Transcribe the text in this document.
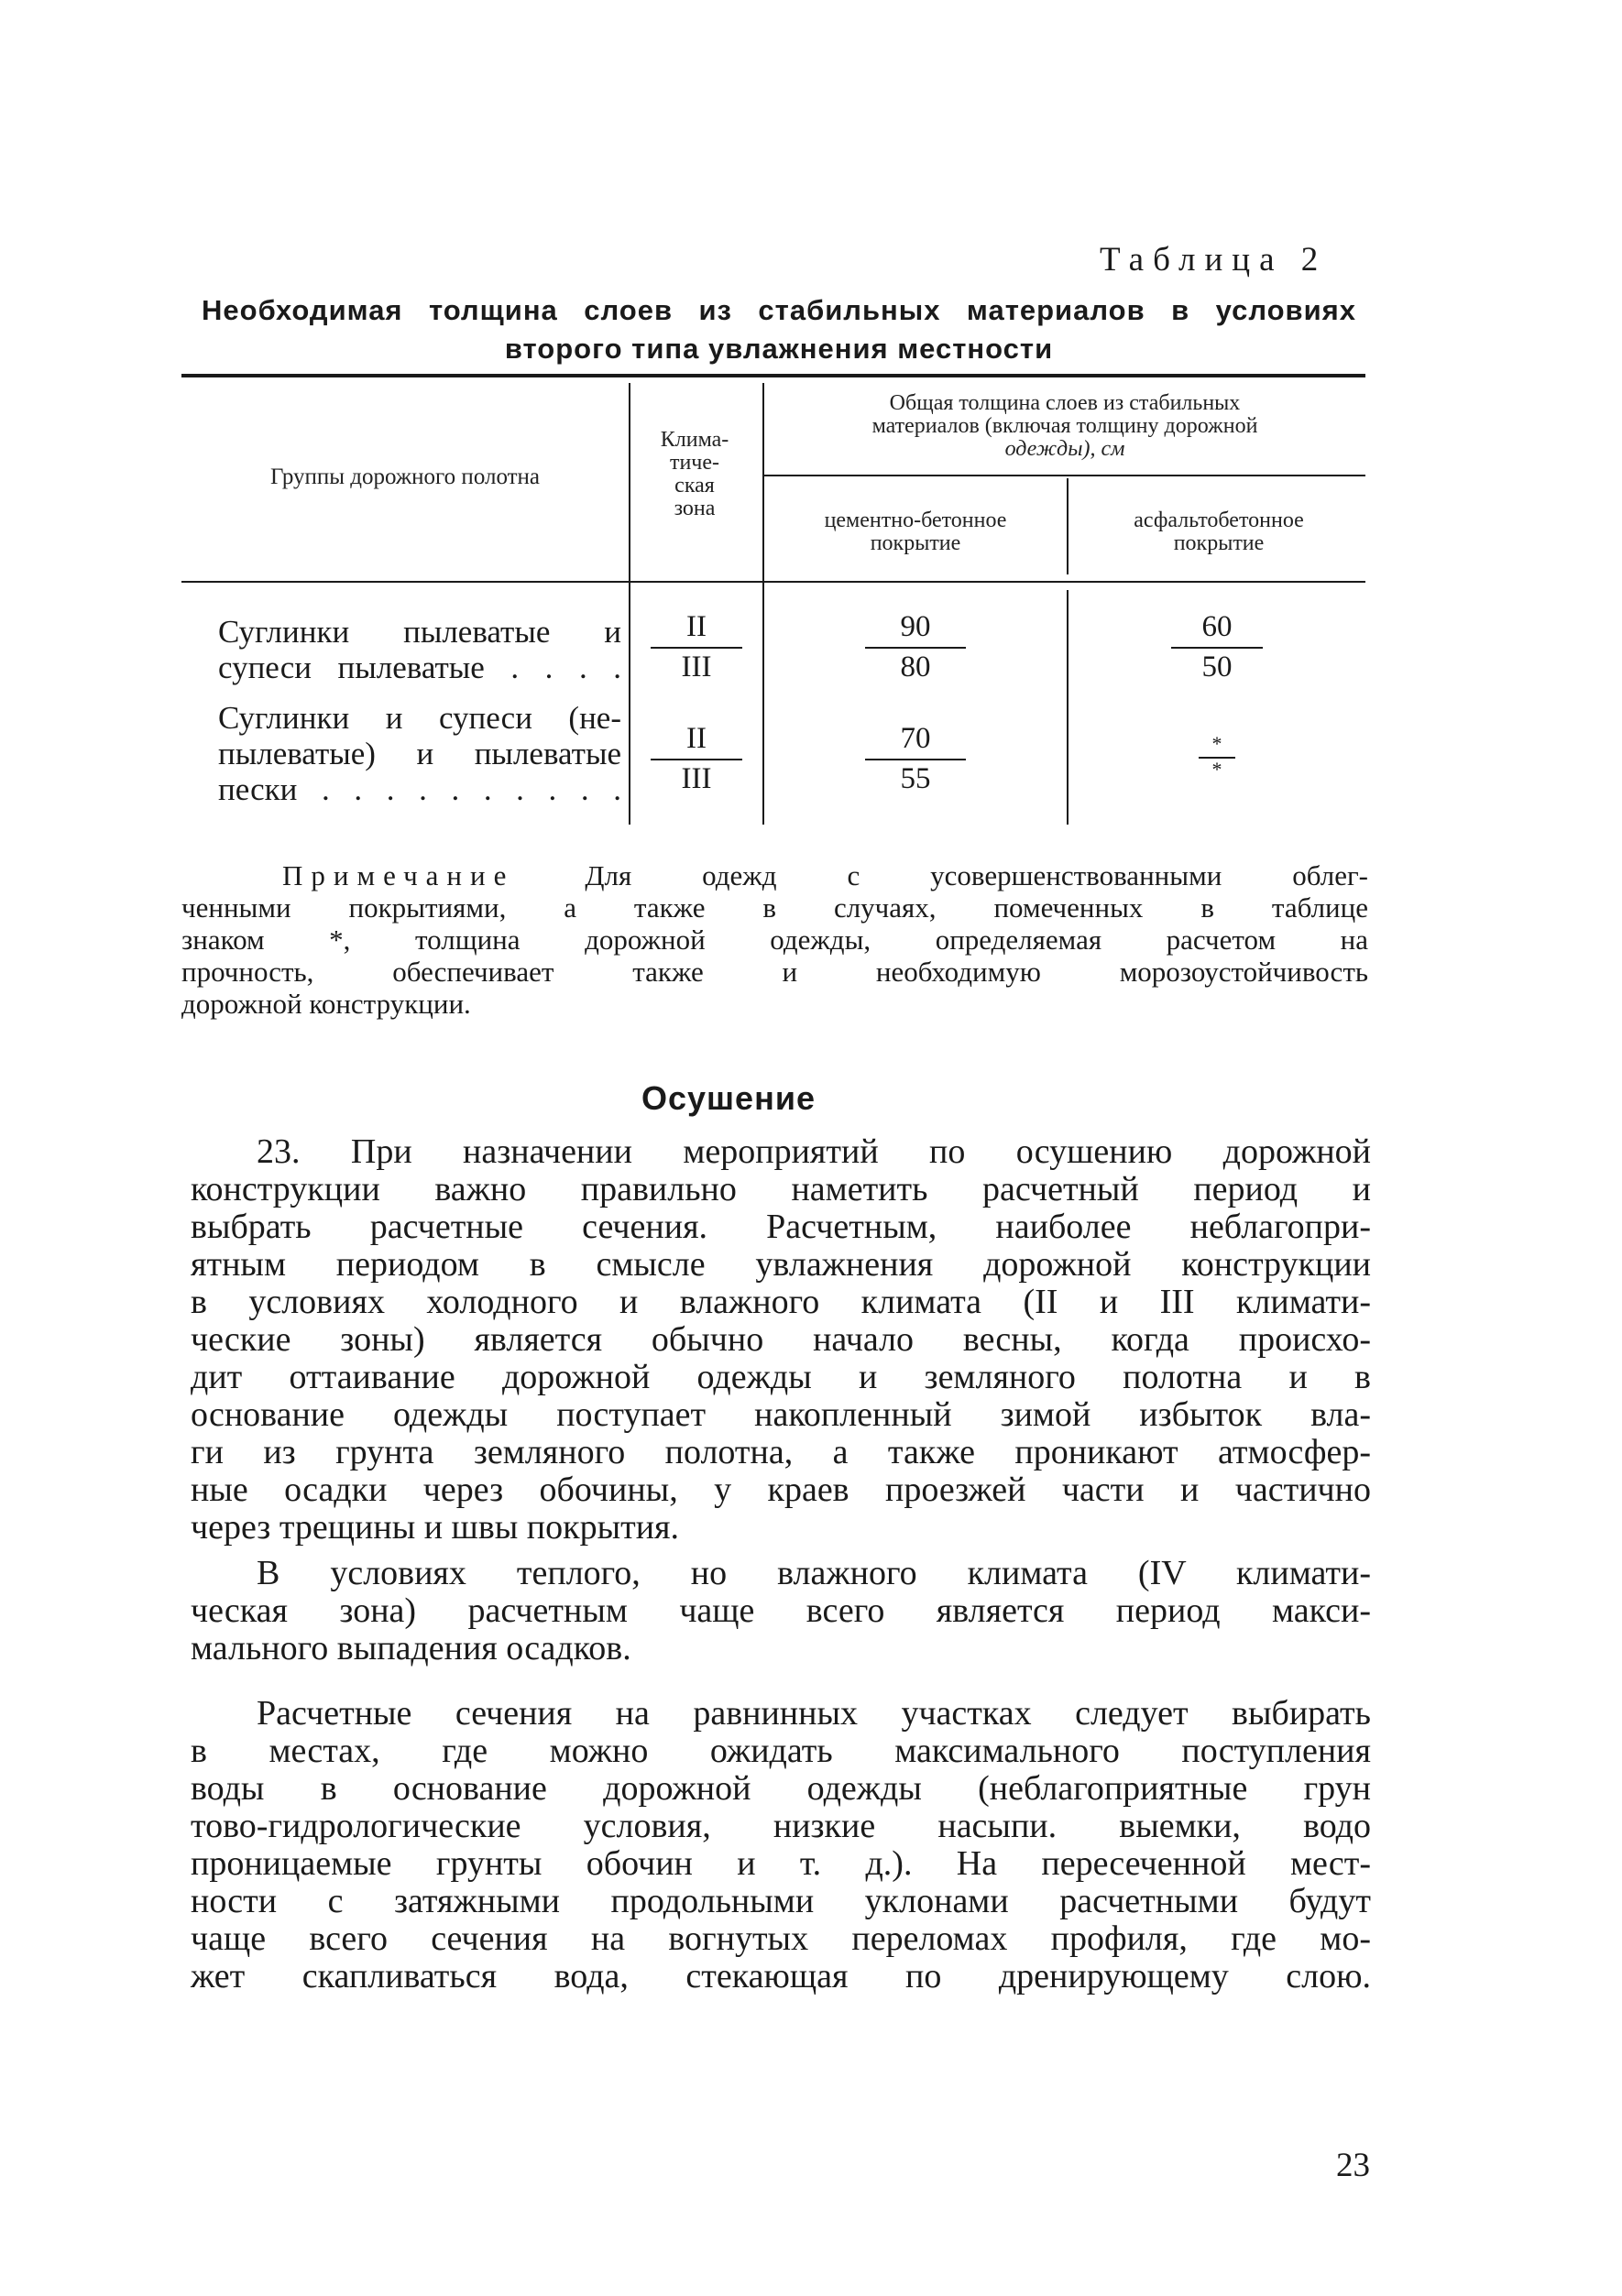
Таблица 2
Необходимая толщина слоев из стабильных материалов в условиях
второго типа увлажнения местности
Группы дорожного полотна
Клима-
тиче-
ская
зона
Общая толщина слоев из стабильных
материалов (включая толщину дорожной
одежды), см
цементно-бетонное
покрытие
асфальтобетонное
покрытие
Суглинки пылеватые и
супеси пылеватые . . . .
II
III
90
80
60
50
Суглинки и супеси (не-
пылеватые) и пылеватые
пески . . . . . . . . . .
II
III
70
55
*
*
Примечание Для одежд с усовершенствованными облег-
ченными покрытиями, а также в случаях, помеченных в таблице
знаком *, толщина дорожной одежды, определяемая расчетом на
прочность, обеспечивает также и необходимую морозоустойчивость
дорожной конструкции.
Осушение
23. При назначении мероприятий по осушению дорожной
конструкции важно правильно наметить расчетный период и
выбрать расчетные сечения. Расчетным, наиболее неблагопри-
ятным периодом в смысле увлажнения дорожной конструкции
в условиях холодного и влажного климата (II и III климати-
ческие зоны) является обычно начало весны, когда происхо-
дит оттаивание дорожной одежды и земляного полотна и в
основание одежды поступает накопленный зимой избыток вла-
ги из грунта земляного полотна, а также проникают атмосфер-
ные осадки через обочины, у краев проезжей части и частично
через трещины и швы покрытия.
В условиях теплого, но влажного климата (IV климати-
ческая зона) расчетным чаще всего является период макси-
мального выпадения осадков.
Расчетные сечения на равнинных участках следует выбирать
в местах, где можно ожидать максимального поступления
воды в основание дорожной одежды (неблагоприятные грун
тово-гидрологические условия, низкие насыпи. выемки, водо
проницаемые грунты обочин и т. д.). На пересеченной мест-
ности с затяжными продольными уклонами расчетными будут
чаще всего сечения на вогнутых переломах профиля, где мо-
жет скапливаться вода, стекающая по дренирующему слою.
23
